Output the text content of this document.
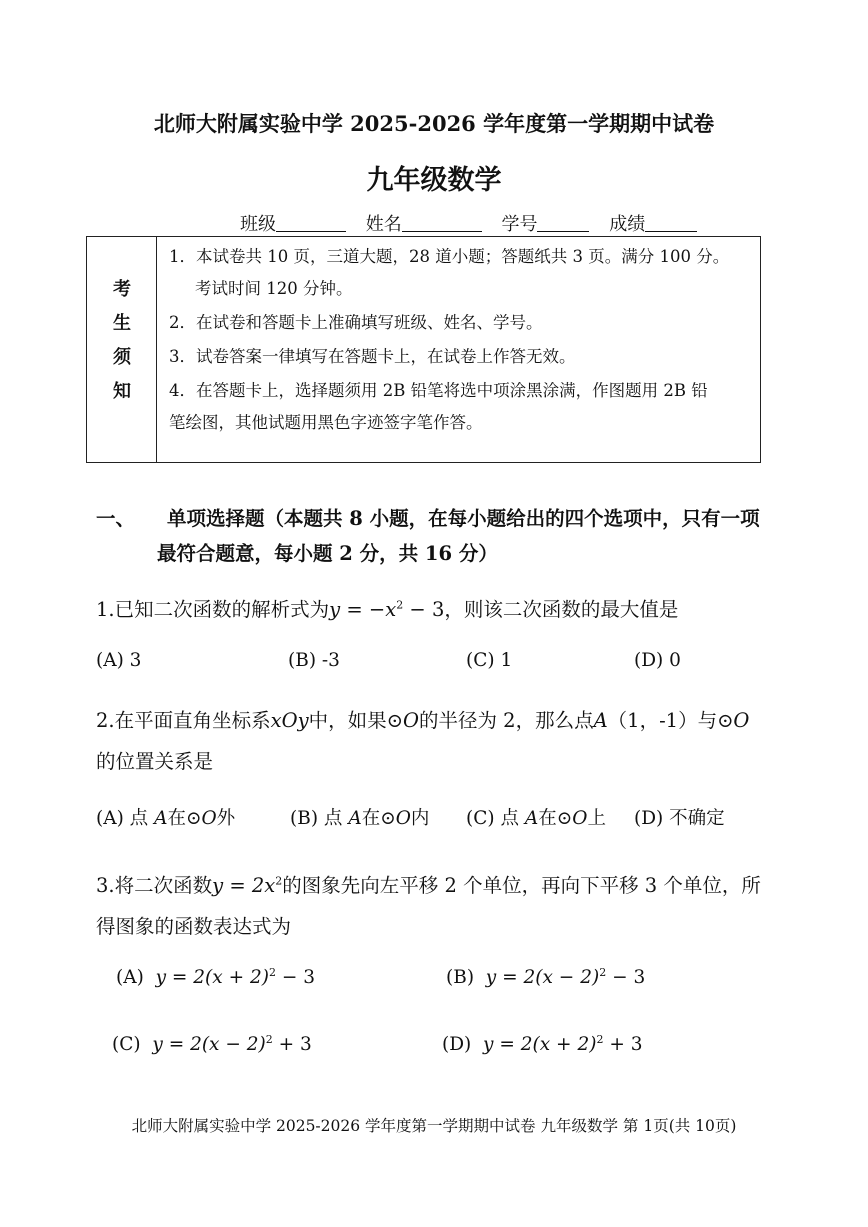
北师大附属实验中学 2025-2026 学年度第一学期期中试卷
九年级数学
班级	姓名	学号	成绩
考
生
须
知
1．本试卷共 10 页，三道大题，28 道小题；答题纸共 3 页。满分 100 分。
考试时间 120 分钟。
2．在试卷和答题卡上准确填写班级、姓名、学号。
3．试卷答案一律填写在答题卡上，在试卷上作答无效。
4．在答题卡上，选择题须用 2B 铅笔将选中项涂黑涂满，作图题用 2B 铅
笔绘图，其他试题用黑色字迹签字笔作答。
一、 单项选择题（本题共 8 小题，在每小题给出的四个选项中，只有一项
最符合题意，每小题 2 分，共 16 分）
1.已知二次函数的解析式为$y = -x^2 - 3$，则该二次函数的最大值是
(A) 3	(B) -3	(C) 1	(D) 0
2.在平面直角坐标系xOy中，如果⊙O的半径为 2，那么点A（1，-1）与⊙O
的位置关系是
(A) 点 A在⊙O外	(B) 点 A在⊙O内 (C) 点 A在⊙O上 (D) 不确定
3.将二次函数$y = 2x^2$的图象先向左平移 2 个单位，再向下平移 3 个单位，所
得图象的函数表达式为
(A) $y = 2(x + 2)^2 - 3$	(B) $y = 2(x - 2)^2 - 3$
(C) $y = 2(x - 2)^2 + 3$	(D) $y = 2(x + 2)^2 + 3$
北师大附属实验中学 2025-2026 学年度第一学期期中试卷 九年级数学 第 1页(共 10页)
